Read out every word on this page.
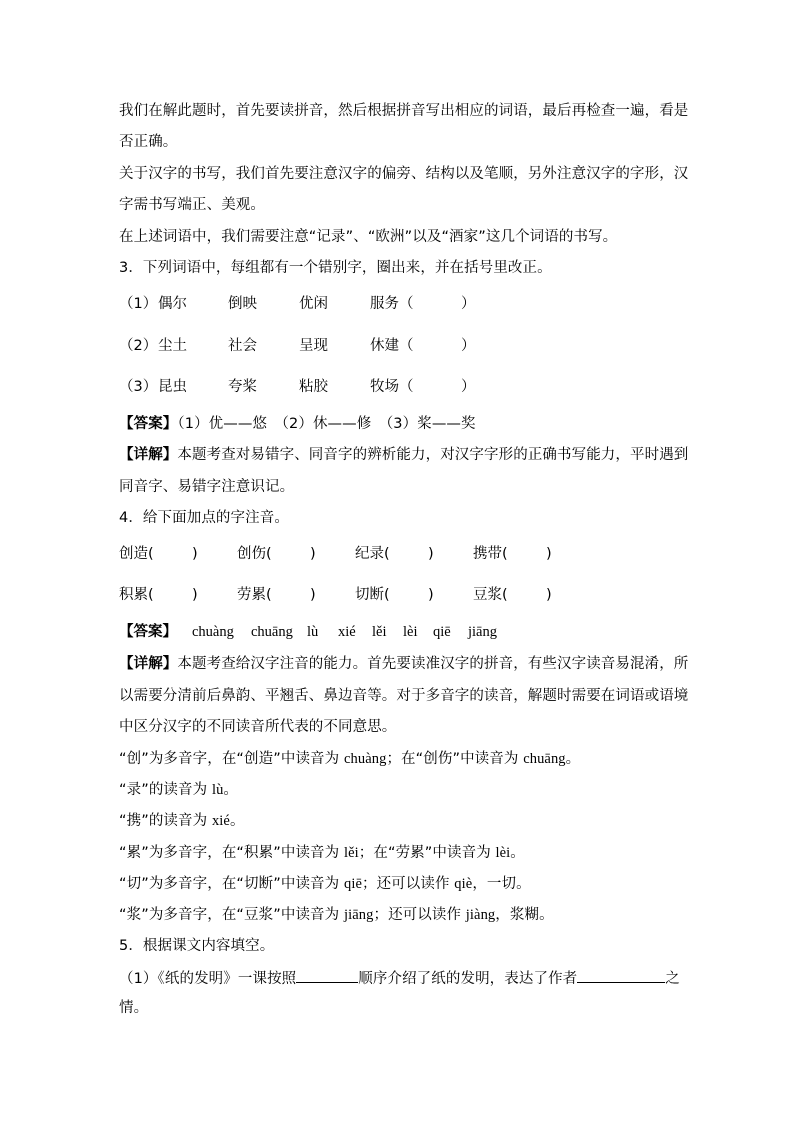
我们在解此题时，首先要读拼音，然后根据拼音写出相应的词语，最后再检查一遍，看是
否正确。
关于汉字的书写，我们首先要注意汉字的偏旁、结构以及笔顺，另外注意汉字的字形，汉
字需书写端正、美观。
在上述词语中，我们需要注意“记录”、“欧洲”以及“酒家”这几个词语的书写。
3．下列词语中，每组都有一个错别字，圈出来，并在括号里改正。
（1） 偶尔	倒映	优闲	服务（	）
（2） 尘土	社会	呈现	休建（	）
（3） 昆虫	夸桨	粘胶	牧场（	）
【答案】（1）优——悠　（2）休——修　（3）桨——奖
【详解】本题考查对易错字、同音字的辨析能力，对汉字字形的正确书写能力，平时遇到
同音字、易错字注意识记。
4．给下面加点的字注音。
创造(	)	创伤(	)	纪录(	)	携带(	)
积累(	)	劳累(	)	切断(	)	豆浆(	)
【答案】 chuàng chuāng lù xié lěi lèi qiē jiāng
【详解】本题考查给汉字注音的能力。首先要读准汉字的拼音，有些汉字读音易混淆，所
以需要分清前后鼻韵、平翘舌、鼻边音等。对于多音字的读音，解题时需要在词语或语境
中区分汉字的不同读音所代表的不同意思。
“创”为多音字，在“创造”中读音为 chuàng；在“创伤”中读音为 chuāng。
“录”的读音为 lù。
“携”的读音为 xié。
“累”为多音字，在“积累”中读音为 lěi；在“劳累”中读音为 lèi。
“切”为多音字，在“切断”中读音为 qiē；还可以读作 qiè，一切。
“浆”为多音字，在“豆浆”中读音为 jiāng；还可以读作 jiàng，浆糊。
5．根据课文内容填空。
（1）《纸的发明》一课按照	顺序介绍了纸的发明，表达了作者	之
情。
